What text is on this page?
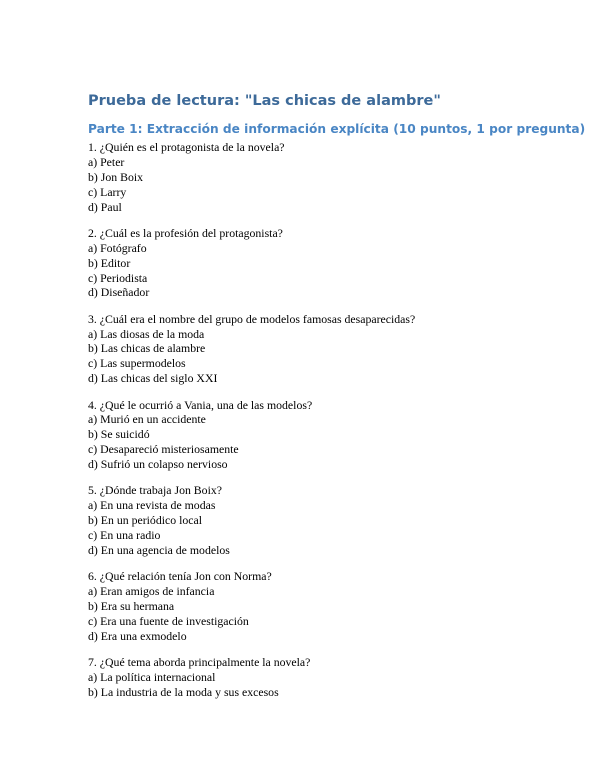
Prueba de lectura: "Las chicas de alambre"
Parte 1: Extracción de información explícita (10 puntos, 1 por pregunta)
1. ¿Quién es el protagonista de la novela?
a) Peter
b) Jon Boix
c) Larry
d) Paul
2. ¿Cuál es la profesión del protagonista?
a) Fotógrafo
b) Editor
c) Periodista
d) Diseñador
3. ¿Cuál era el nombre del grupo de modelos famosas desaparecidas?
a) Las diosas de la moda
b) Las chicas de alambre
c) Las supermodelos
d) Las chicas del siglo XXI
4. ¿Qué le ocurrió a Vania, una de las modelos?
a) Murió en un accidente
b) Se suicidó
c) Desapareció misteriosamente
d) Sufrió un colapso nervioso
5. ¿Dónde trabaja Jon Boix?
a) En una revista de modas
b) En un periódico local
c) En una radio
d) En una agencia de modelos
6. ¿Qué relación tenía Jon con Norma?
a) Eran amigos de infancia
b) Era su hermana
c) Era una fuente de investigación
d) Era una exmodelo
7. ¿Qué tema aborda principalmente la novela?
a) La política internacional
b) La industria de la moda y sus excesos
